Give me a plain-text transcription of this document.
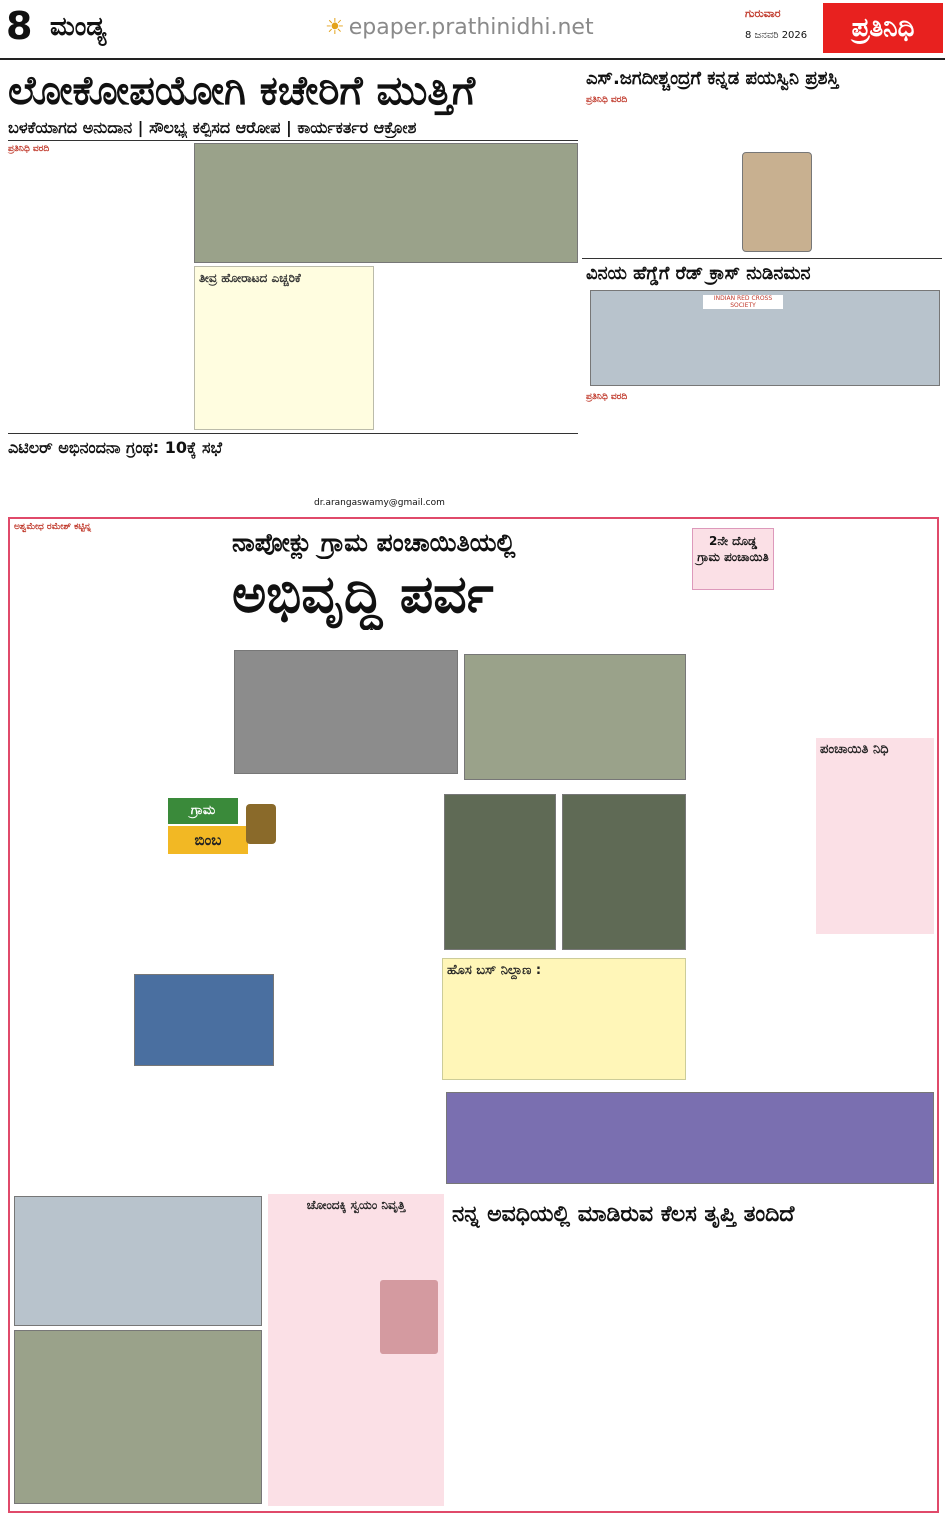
8 ಮಂಡ್ಯ	☀ epaper.prathinidhi.net
ಗುರುವಾರ
8 ಜನವರಿ 2026	ಪ್ರತಿನಿಧಿ
ಲೋಕೋಪಯೋಗಿ ಕಚೇರಿಗೆ ಮುತ್ತಿಗೆ
ಬಳಕೆಯಾಗದ ಅನುದಾನ | ಸೌಲಭ್ಯ ಕಲ್ಪಿಸದ ಆರೋಪ | ಕಾರ್ಯಕರ್ತರ ಆಕ್ರೋಶ
ಪ್ರತಿನಿಧಿ ವರದಿ
ತೀವ್ರ ಹೋರಾಟದ ಎಚ್ಚರಿಕೆ
ಎಸ್.ಜಗದೀಶ್ಚಂದ್ರಗೆ ಕನ್ನಡ ಪಯಸ್ವಿನಿ ಪ್ರಶಸ್ತಿ
ಪ್ರತಿನಿಧಿ ವರದಿ
ವಿನಯ ಹೆಗ್ಡೆಗೆ ರೆಡ್ ಕ್ರಾಸ್ ನುಡಿನಮನ
INDIAN RED CROSS SOCIETY
ಪ್ರತಿನಿಧಿ ವರದಿ
ಎಟಿಲರ್ ಅಭಿನಂದನಾ ಗ್ರಂಥ: 10ಕ್ಕೆ ಸಭೆ
dr.arangaswamy@gmail.com
ಅಶ್ವಮೇಧ ರಮೇಶ್ ಕಟ್ಟಿನ್ನ
ನಾಪೋಕ್ಲು ಗ್ರಾಮ ಪಂಚಾಯಿತಿಯಲ್ಲಿ
ಅಭಿವೃದ್ಧಿ ಪರ್ವ
2ನೇ ದೊಡ್ಡ ಗ್ರಾಮ ಪಂಚಾಯಿತಿ
ಪಂಚಾಯಿತಿ ನಿಧಿ
ಗ್ರಾಮ
ಬಿಂಬ
ಹೊಸ ಬಸ್ ನಿಲ್ದಾಣ :
ಚೋಂದಕ್ಕಿ ಸ್ವಯಂ ನಿವೃತ್ತಿ	ನನ್ನ ಅವಧಿಯಲ್ಲಿ ಮಾಡಿರುವ ಕೆಲಸ ತೃಪ್ತಿ ತಂದಿದೆ
